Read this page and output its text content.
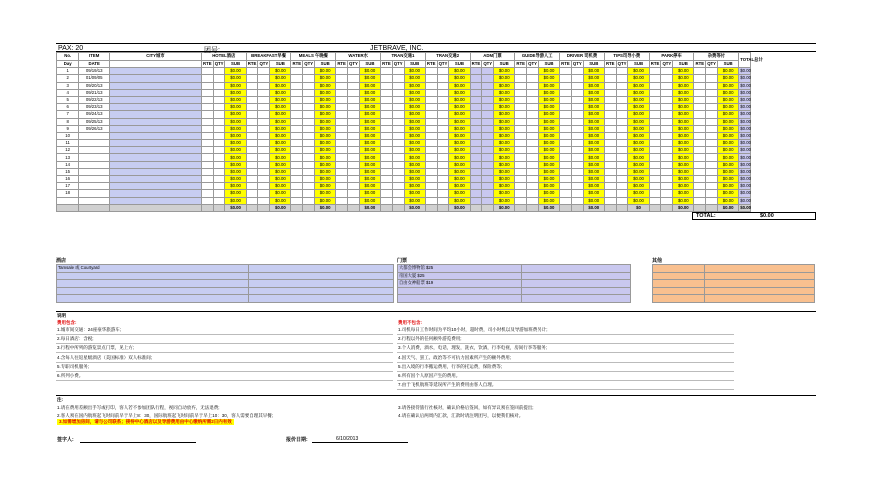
PAX: 20	团号:	JETBRAVE, INC.
No.	ITEM	CITY城市	HOTEL酒店			BREAKFAST早餐			MEALS 午晚餐			WATER水			TRAN交通1			TRAN交通2			ADM门票			GUIDE导游人工			DRIVER 司机费			TIPS司导小费			PARK停车			杂费等付			TOTAL总计
Day	DATE		RTE	QTY	SUB	RTE	QTY	SUB	RTE	QTY	SUB	RTE	QTY	SUB	RTE	QTY	SUB	RTE	QTY	SUB	RTE	QTY	SUB	RTE	QTY	SUB	RTE	QTY	SUB	RTE	QTY	SUB	RTE	QTY	SUB	RTE	QTY	SUB	
1	09/19/13				$0.00			$0.00			$0.00			$0.00			$0.00			$0.00			$0.00			$0.00			$0.00			$0.00			$0.00			$0.00	$0.00
2	01/09/05				$0.00			$0.00			$0.00			$0.00			$0.00			$0.00			$0.00			$0.00			$0.00			$0.00			$0.00			$0.00	$0.00
3	09/20/13				$0.00			$0.00			$0.00			$0.00			$0.00			$0.00			$0.00			$0.00			$0.00			$0.00			$0.00			$0.00	$0.00
4	09/21/13				$0.00			$0.00			$0.00			$0.00			$0.00			$0.00			$0.00			$0.00			$0.00			$0.00			$0.00			$0.00	$0.00
5	09/22/13				$0.00			$0.00			$0.00			$0.00			$0.00			$0.00			$0.00			$0.00			$0.00			$0.00			$0.00			$0.00	$0.00
6	09/23/13				$0.00			$0.00			$0.00			$0.00			$0.00			$0.00			$0.00			$0.00			$0.00			$0.00			$0.00			$0.00	$0.00
7	09/24/13				$0.00			$0.00			$0.00			$0.00			$0.00			$0.00			$0.00			$0.00			$0.00			$0.00			$0.00			$0.00	$0.00
8	09/25/13				$0.00			$0.00			$0.00			$0.00			$0.00			$0.00			$0.00			$0.00			$0.00			$0.00			$0.00			$0.00	$0.00
9	09/26/13				$0.00			$0.00			$0.00			$0.00			$0.00			$0.00			$0.00			$0.00			$0.00			$0.00			$0.00			$0.00	$0.00
10					$0.00			$0.00			$0.00			$0.00			$0.00			$0.00			$0.00			$0.00			$0.00			$0.00			$0.00			$0.00	$0.00
11					$0.00			$0.00			$0.00			$0.00			$0.00			$0.00			$0.00			$0.00			$0.00			$0.00			$0.00			$0.00	$0.00
12					$0.00			$0.00			$0.00			$0.00			$0.00			$0.00			$0.00			$0.00			$0.00			$0.00			$0.00			$0.00	$0.00
13					$0.00			$0.00			$0.00			$0.00			$0.00			$0.00			$0.00			$0.00			$0.00			$0.00			$0.00			$0.00	$0.00
14					$0.00			$0.00			$0.00			$0.00			$0.00			$0.00			$0.00			$0.00			$0.00			$0.00			$0.00			$0.00	$0.00
15					$0.00			$0.00			$0.00			$0.00			$0.00			$0.00			$0.00			$0.00			$0.00			$0.00			$0.00			$0.00	$0.00
16					$0.00			$0.00			$0.00			$0.00			$0.00			$0.00			$0.00			$0.00			$0.00			$0.00			$0.00			$0.00	$0.00
17					$0.00			$0.00			$0.00			$0.00			$0.00			$0.00			$0.00			$0.00			$0.00			$0.00			$0.00			$0.00	$0.00
18					$0.00			$0.00			$0.00			$0.00			$0.00			$0.00			$0.00			$0.00			$0.00			$0.00			$0.00			$0.00	$0.00
					$0.00			$0.00			$0.00			$0.00			$0.00			$0.00			$0.00			$0.00			$0.00			$0.00			$0.00			$0.00	$0.00
					$0.00			$0.00			$0.00			$0.00			$0.00			$0.00			$0.00			$0.00			$0.00			$0			$0.00			$0.00	$0.00
TOTAL:	$0.00
酒店
Tamsale 或 Courtyard	

门票
大都会博物馆 $25	
帝国大厦 $25	
自由女神船票 $19	

其他

说明
费用包含:	费用不包含:
1.城市间交通：24座豪华旅游车;
2.每日酒店：含税;
3.行程中所列的游览景点门票，见上方;
4.含每人往返星级酒店（美国标准）双人标准间;
5.专职司机服务;
6.所列小费。
1.司机每日工作时间为平均10小时，超时费，司小时机以及导游加班费另计;
2.行程以外的任何额外游览费用;
3.个人消费，酒水，电话，理发，洗衣，饮酒，行李电视，房间行李等服务;
4.因天气、罢工、政治等不可抗力因素所产生的额外费用;
5.出入境的行李搬运费用，行李的托运费，保险费等;
6.所有因个人原因产生的费用。
7.由于飞机航班等延误所产生的费用由客人自理。
注:
1.请在费用差额出手写或打印，客人若不参加团队行程，视同自动放弃，无法退费;
2.客人须在国内航班起飞时间前早于早上8：30，国际航班起飞时间前早于早上10：30，客人需要自理其早餐;
3.如需增加房间，请与公司联系；接待中心酒店以及导游费用由中心缴纳所需2日内有效
3.请各接待旅行社核对，确认价格后签回，如有异议须在签回前提出;
4.请在确认后两周内汇款，汇款时请注明团号，以便我们核对。
签字人:	报价日期:	6/10/2013
